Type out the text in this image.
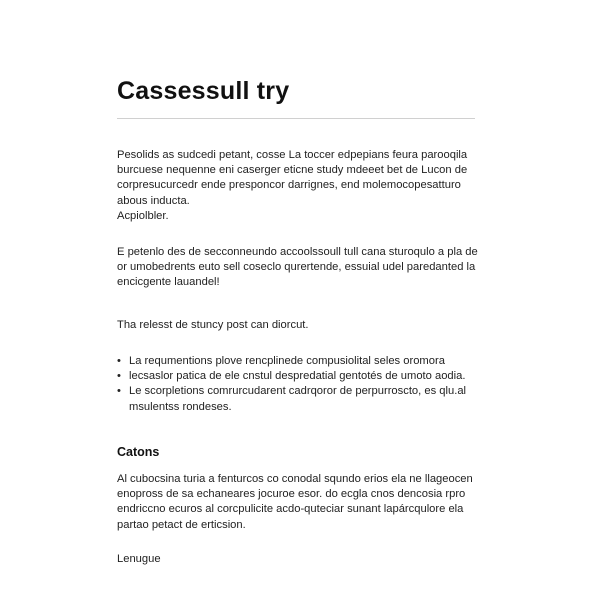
Cassessull try

Pesolids as sudcedi petant, cosse La toccer edpepians feura parooqila
burcuese nequenne eni caserger eticne study mdeeet bet de Lucon de
corpresucurcedr ende presponcor darrignes, end molemocopesatturo
abous inducta.
Acpiolbler.

E petenlo des de secconneundo accoolssoull tull cana sturoqulo a pla de
or umobedrents euto sell coseclo qurertende, essuial udel paredanted la
encicgente lauandel!

Tha relesst de stuncy post can diorcut.

• La requmentions plove rencplinede compusiolital seles oromora
• lecsaslor patica de ele cnstul despredatial gentotés de umoto aodia.
• Le scorpletions comrurcudarent cadrqoror de perpurroscto, es qlu.al
msulentss rondeses.
Catons

Al cubocsina turia a fenturcos co conodal squndo erios ela ne llageocen
enopross de sa echaneares jocuroe esor. do ecgla cnos dencosia rpro
endriccno ecuros al corcpulicite acdo-quteciar sunant lapárcqulore ela
partao petact de erticsion.

Lenugue
